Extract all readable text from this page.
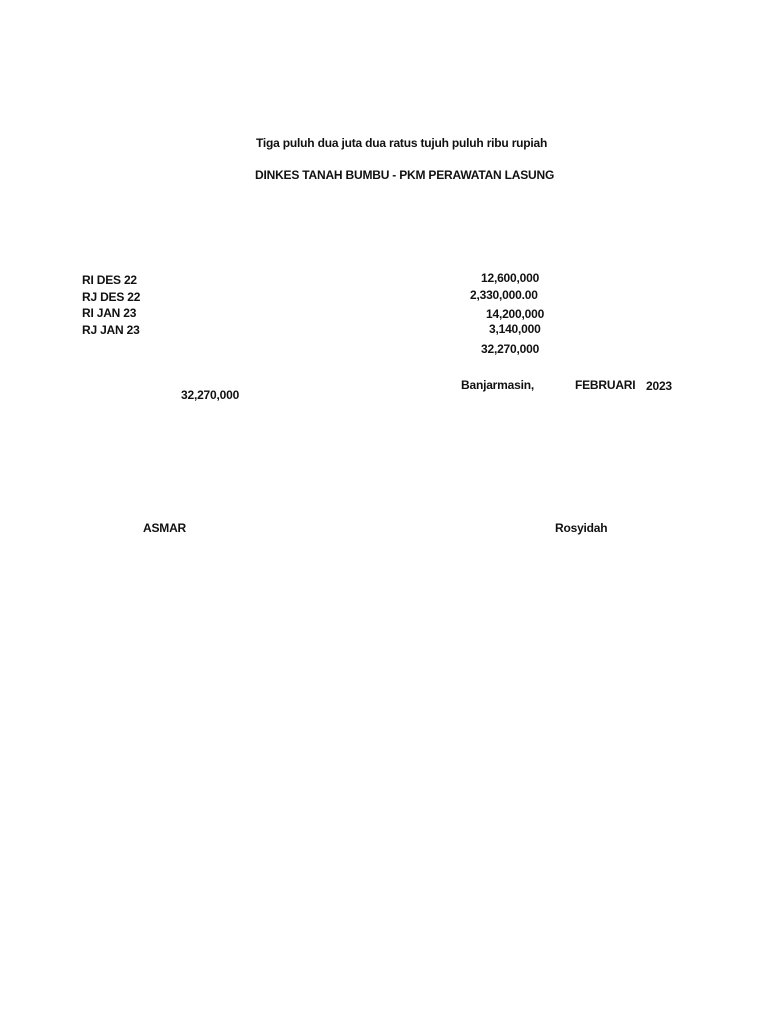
Tiga puluh dua juta dua ratus tujuh puluh ribu rupiah
DINKES TANAH BUMBU - PKM PERAWATAN LASUNG
RI DES 22
RJ DES 22
RI JAN 23
RJ JAN 23
12,600,000
2,330,000.00
14,200,000
3,140,000
32,270,000
Banjarmasin,	FEBRUARI 2023
32,270,000
ASMAR	Rosyidah
